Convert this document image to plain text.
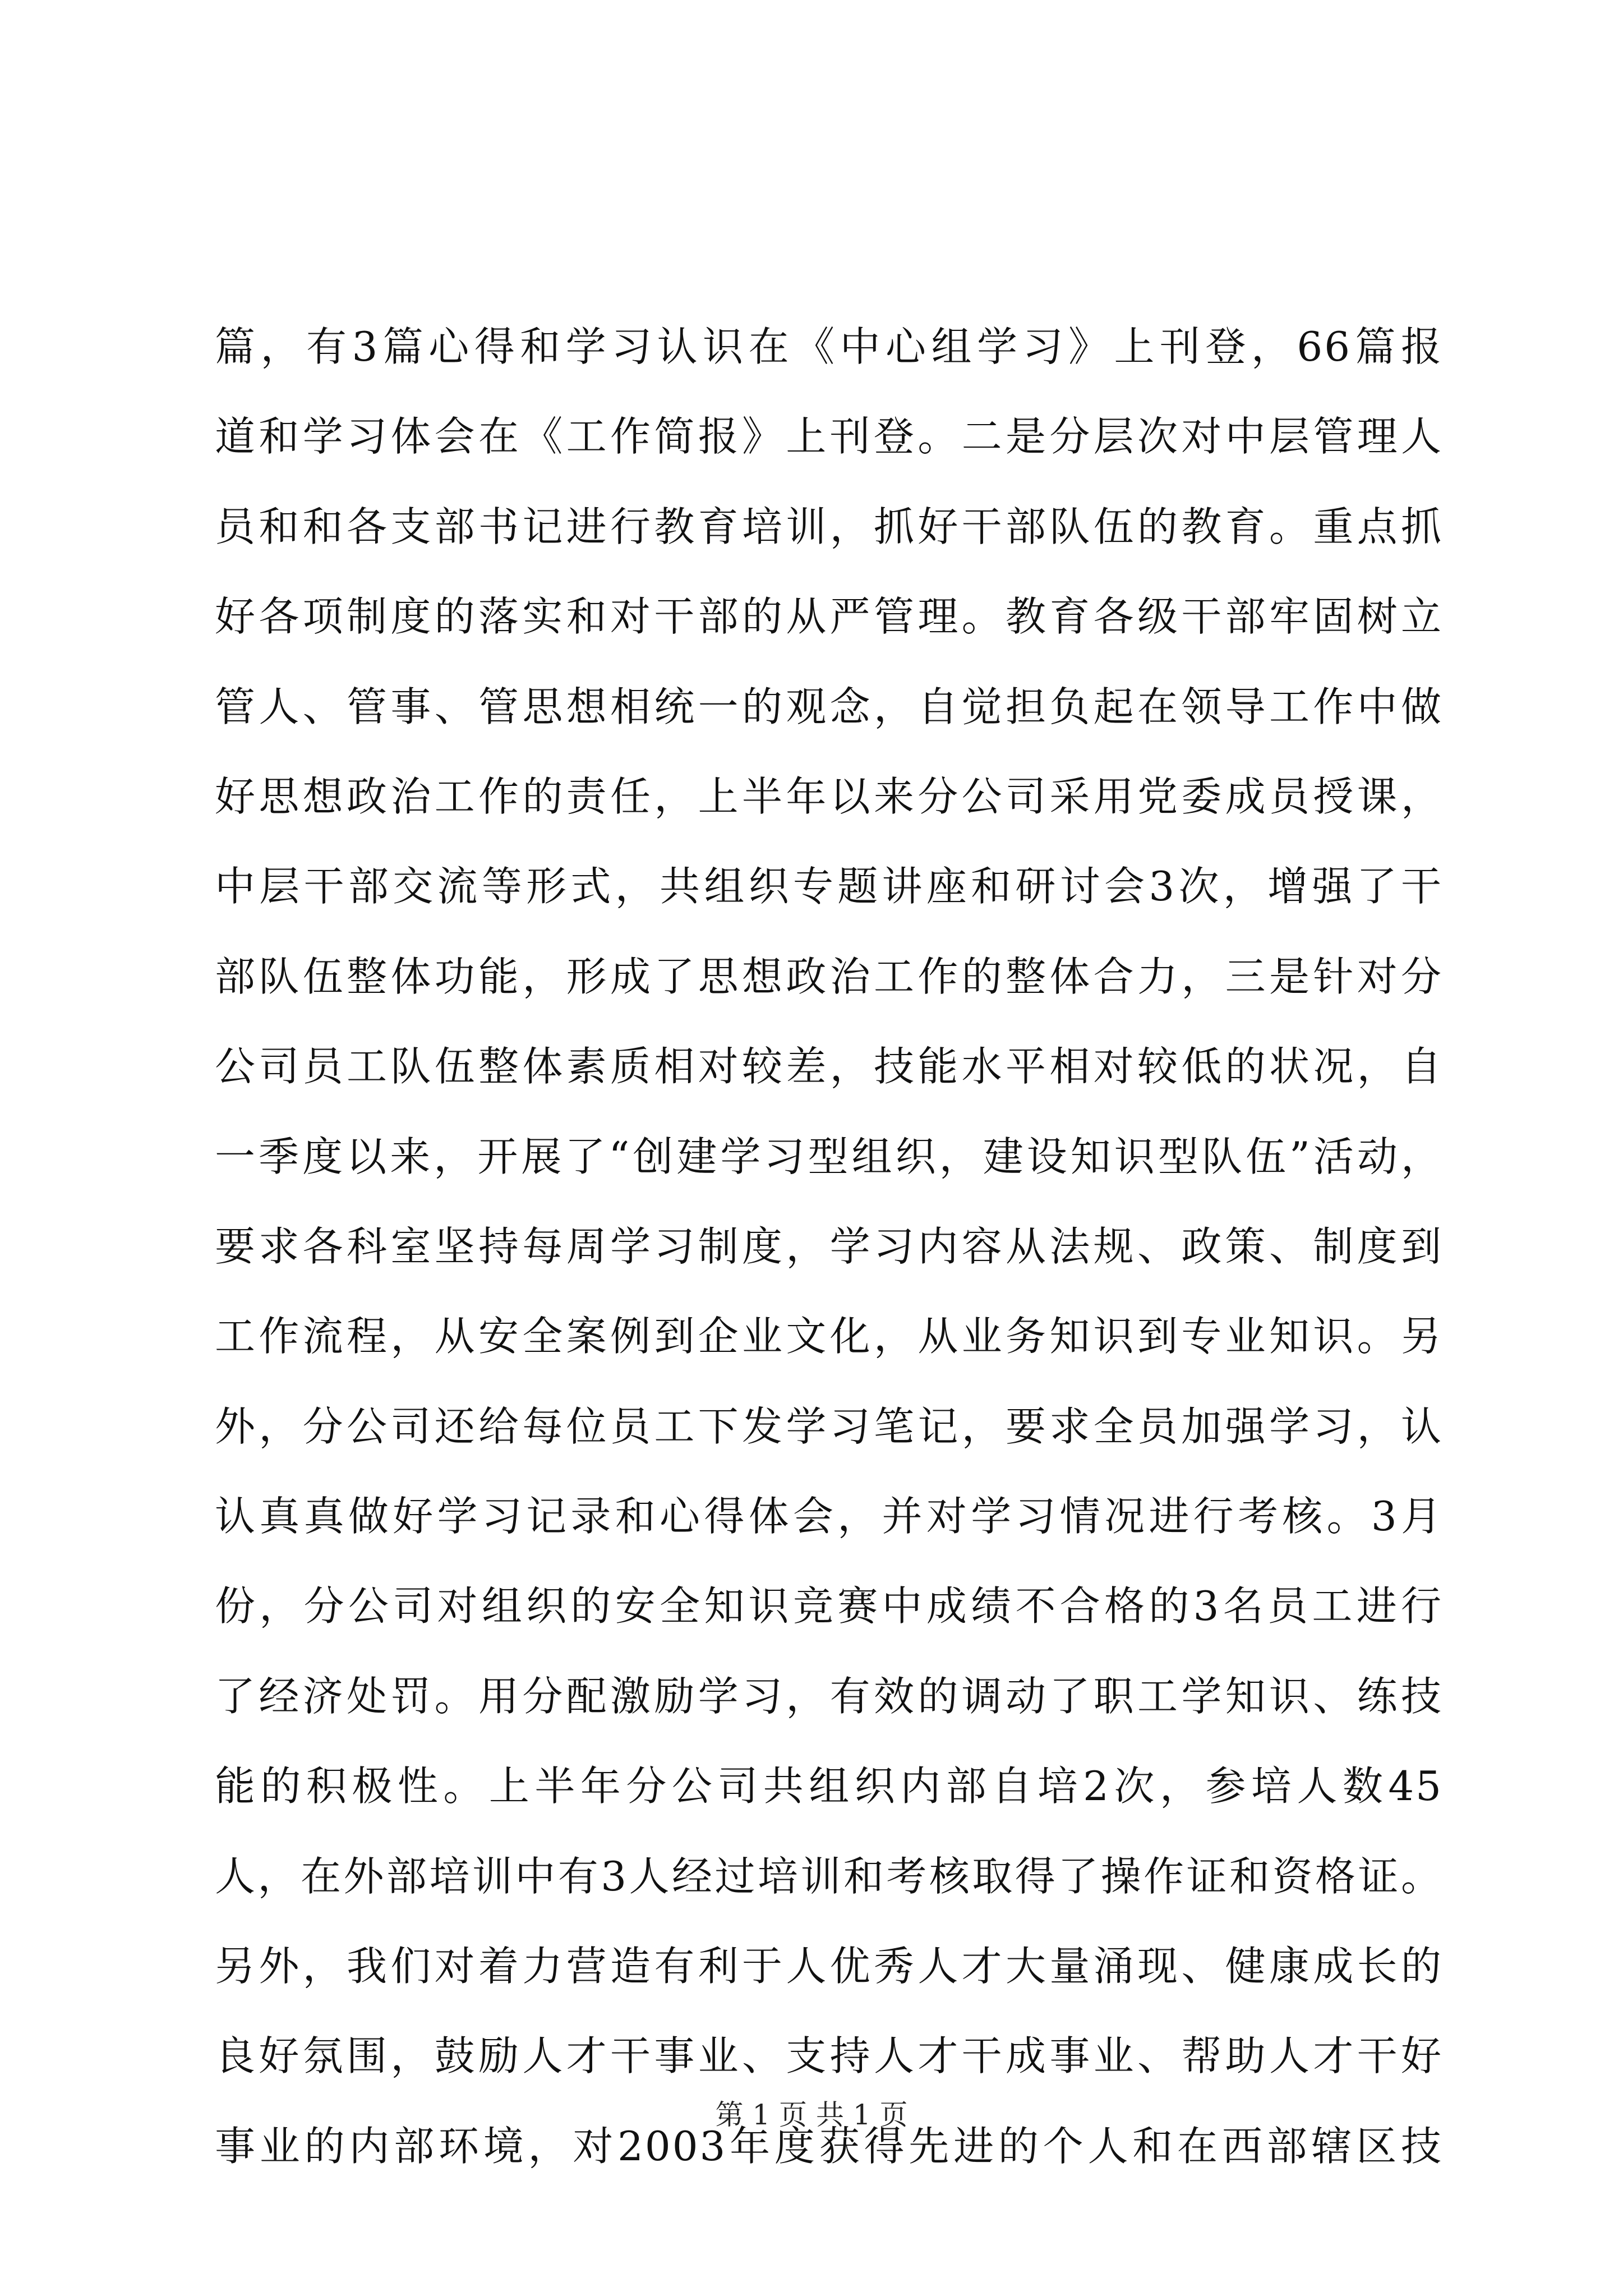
篇，有3篇心得和学习认识在《中心组学习》上刊登，66篇报
道和学习体会在《工作简报》上刊登。二是分层次对中层管理人
员和和各支部书记进行教育培训，抓好干部队伍的教育。重点抓
好各项制度的落实和对干部的从严管理。教育各级干部牢固树立
管人、管事、管思想相统一的观念，自觉担负起在领导工作中做
好思想政治工作的责任，上半年以来分公司采用党委成员授课，
中层干部交流等形式，共组织专题讲座和研讨会3次，增强了干
部队伍整体功能，形成了思想政治工作的整体合力，三是针对分
公司员工队伍整体素质相对较差，技能水平相对较低的状况，自
一季度以来，开展了“创建学习型组织，建设知识型队伍”活动，
要求各科室坚持每周学习制度，学习内容从法规、政策、制度到
工作流程，从安全案例到企业文化，从业务知识到专业知识。另
外，分公司还给每位员工下发学习笔记，要求全员加强学习，认
认真真做好学习记录和心得体会，并对学习情况进行考核。3月
份，分公司对组织的安全知识竞赛中成绩不合格的3名员工进行
了经济处罚。用分配激励学习，有效的调动了职工学知识、练技
能的积极性。上半年分公司共组织内部自培2次，参培人数45
人，在外部培训中有3人经过培训和考核取得了操作证和资格证。
另外，我们对着力营造有利于人优秀人才大量涌现、健康成长的
良好氛围，鼓励人才干事业、支持人才干成事业、帮助人才干好
事业的内部环境，对2003年度获得先进的个人和在西部辖区技
第 1 页 共 1 页
